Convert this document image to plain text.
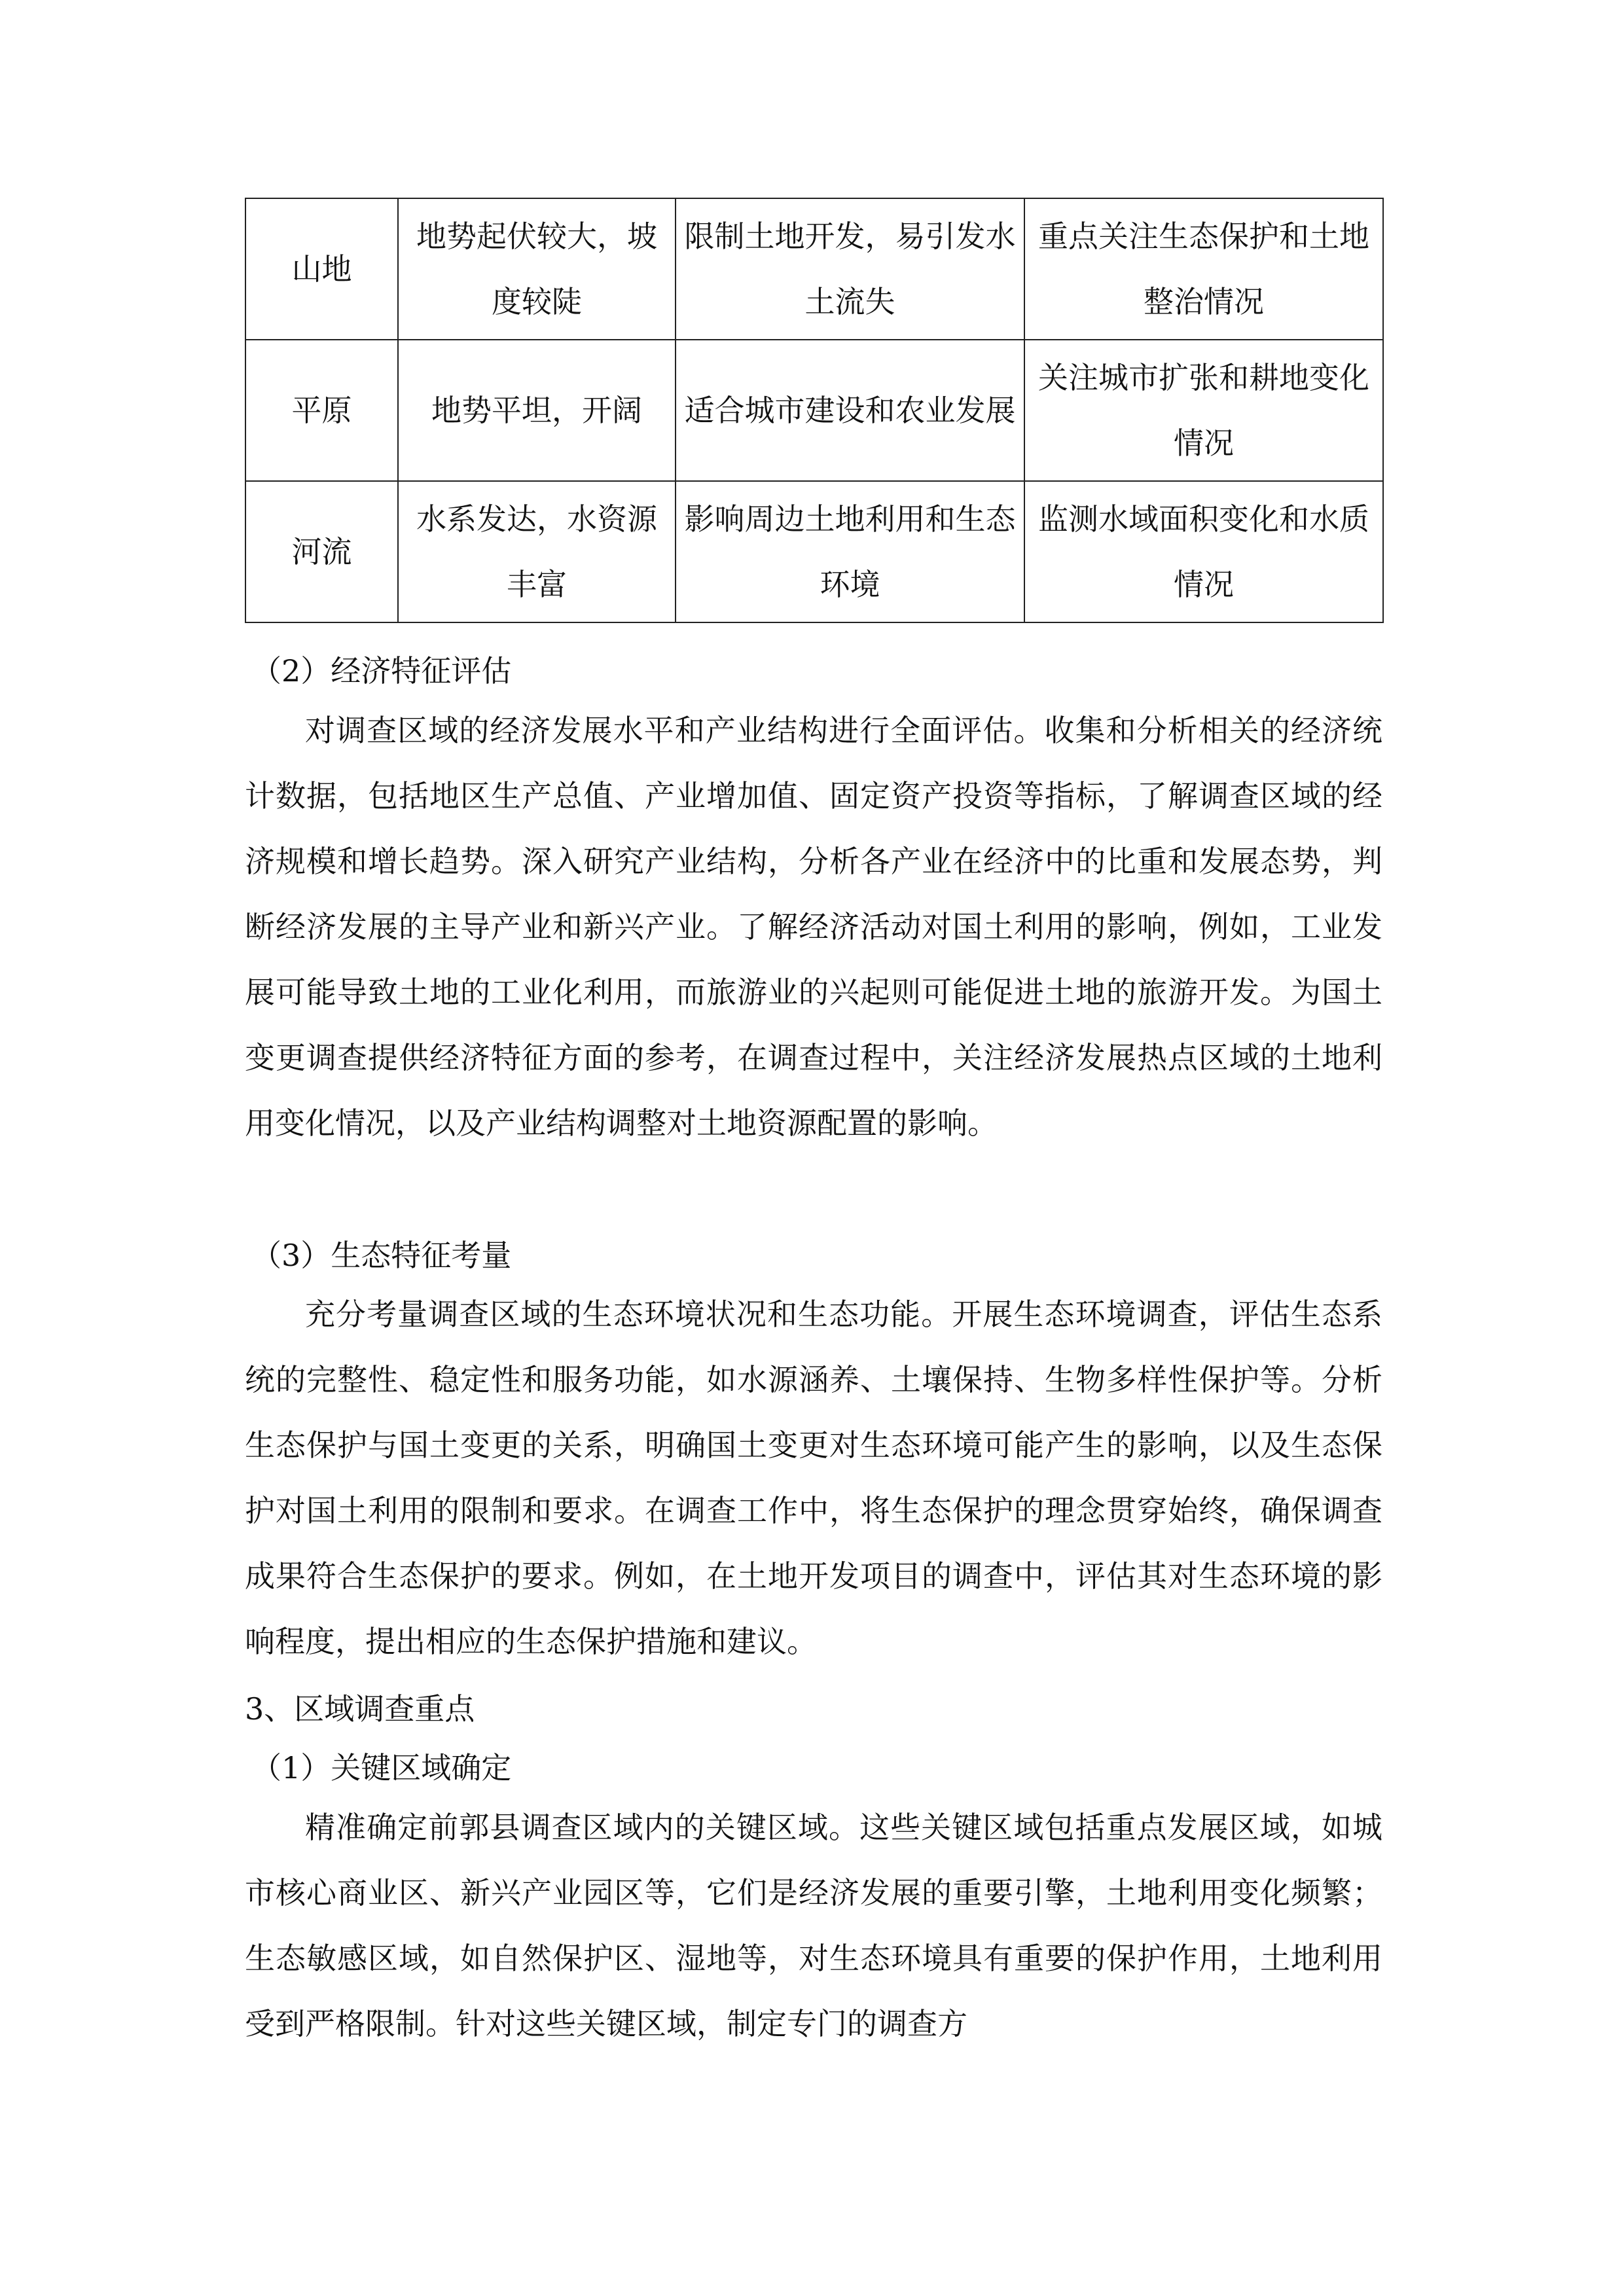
山地	地势起伏较大，坡度较陡	限制土地开发，易引发水土流失	重点关注生态保护和土地整治情况
平原	地势平坦，开阔	适合城市建设和农业发展	关注城市扩张和耕地变化情况
河流	水系发达，水资源丰富	影响周边土地利用和生态环境	监测水域面积变化和水质情况
（2）经济特征评估

对调查区域的经济发展水平和产业结构进行全面评估。收集和分析相关的经济统计数据，包括地区生产总值、产业增加值、固定资产投资等指标，了解调查区域的经济规模和增长趋势。深入研究产业结构，分析各产业在经济中的比重和发展态势，判断经济发展的主导产业和新兴产业。了解经济活动对国土利用的影响，例如，工业发展可能导致土地的工业化利用，而旅游业的兴起则可能促进土地的旅游开发。为国土变更调查提供经济特征方面的参考，在调查过程中，关注经济发展热点区域的土地利用变化情况，以及产业结构调整对土地资源配置的影响。

（3）生态特征考量

充分考量调查区域的生态环境状况和生态功能。开展生态环境调查，评估生态系统的完整性、稳定性和服务功能，如水源涵养、土壤保持、生物多样性保护等。分析生态保护与国土变更的关系，明确国土变更对生态环境可能产生的影响，以及生态保护对国土利用的限制和要求。在调查工作中，将生态保护的理念贯穿始终，确保调查成果符合生态保护的要求。例如，在土地开发项目的调查中，评估其对生态环境的影响程度，提出相应的生态保护措施和建议。

3、区域调查重点
（1）关键区域确定

精准确定前郭县调查区域内的关键区域。这些关键区域包括重点发展区域，如城市核心商业区、新兴产业园区等，它们是经济发展的重要引擎，土地利用变化频繁；生态敏感区域，如自然保护区、湿地等，对生态环境具有重要的保护作用，土地利用受到严格限制。针对这些关键区域，制定专门的调查方
